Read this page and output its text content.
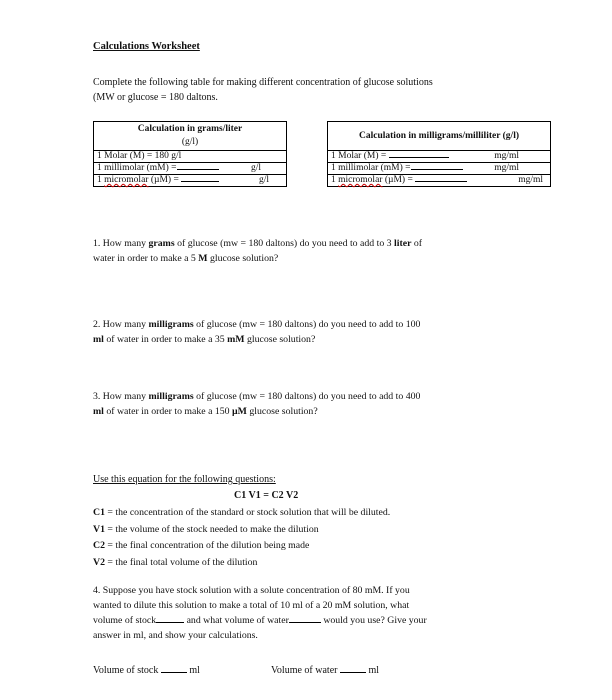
Calculations Worksheet
Complete the following table for making different concentration of glucose solutions
(MW or glucose = 180 daltons.
Calculation in grams/liter
(g/l)		Calculation in milligrams/milliliter (g/l)
1 Molar (M) = 180 g/l		1 Molar (M) = mg/ml

1 millimolar (mM) = g/l		1 millimolar (mM) = mg/ml

1 micromolar (µM) = g/l		1 micromolar (µM) = mg/ml
1. How many grams of glucose (mw = 180 daltons) do you need to add to 3 liter of
water in order to make a 5 M glucose solution?
2. How many milligrams of glucose (mw = 180 daltons) do you need to add to 100
ml of water in order to make a 35 mM glucose solution?
3. How many milligrams of glucose (mw = 180 daltons) do you need to add to 400
ml of water in order to make a 150 µM glucose solution?
Use this equation for the following questions:
C1 V1 = C2 V2
C1 = the concentration of the standard or stock solution that will be diluted.
V1 = the volume of the stock needed to make the dilution
C2 = the final concentration of the dilution being made
V2 = the final total volume of the dilution
4. Suppose you have stock solution with a solute concentration of 80 mM. If you
wanted to dilute this solution to make a total of 10 ml of a 20 mM solution, what
volume of stock	and what volume of water	would you use? Give your
answer in ml, and show your calculations.
Volume of stock	ml	Volume of water	ml
